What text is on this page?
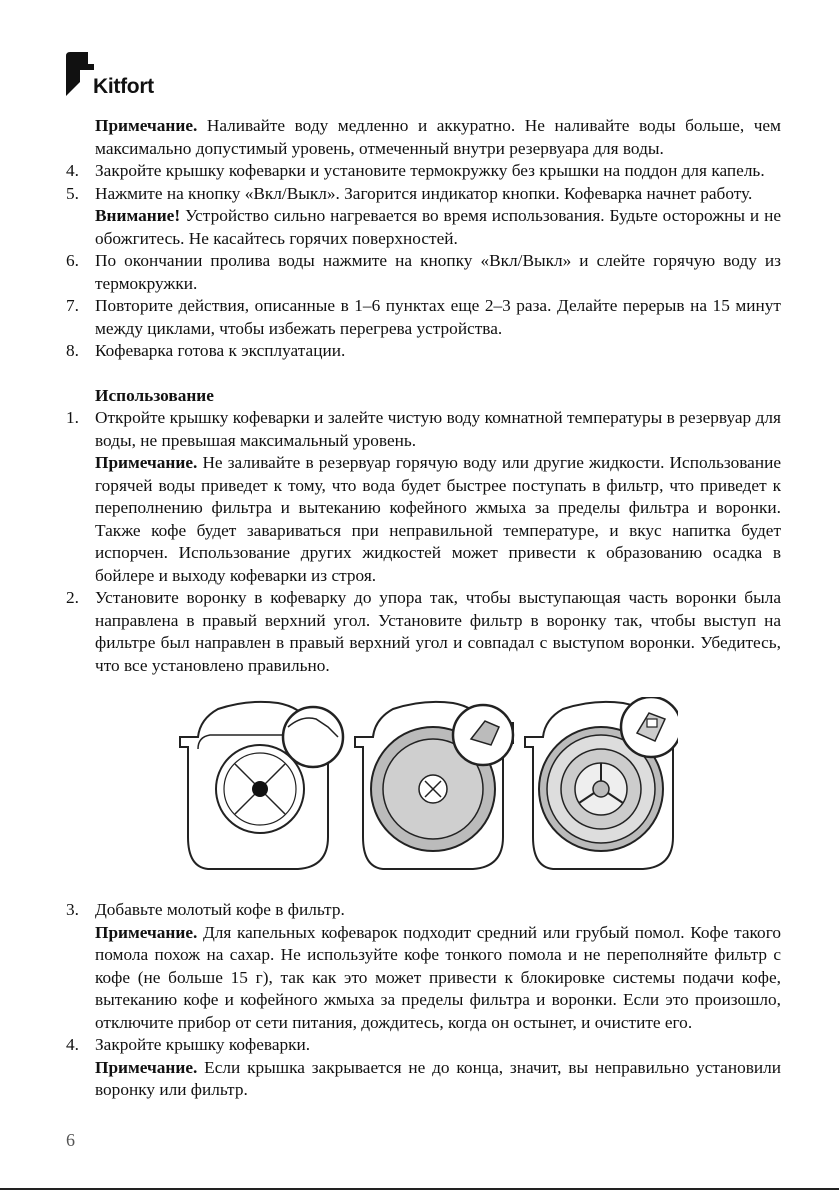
Kitfort

Примечание. Наливайте воду медленно и аккуратно. Не наливайте воды больше, чем максимально допустимый уровень, отмеченный внутри резервуара для воды.

4. Закройте крышку кофеварки и установите термокружку без крышки на поддон для капель.

5. Нажмите на кнопку «Вкл/Выкл». Загорится индикатор кнопки. Кофеварка начнет работу.

Внимание! Устройство сильно нагревается во время использования. Будьте осторожны и не обожгитесь. Не касайтесь горячих поверхностей.

6. По окончании пролива воды нажмите на кнопку «Вкл/Выкл» и слейте горячую воду из термокружки.

7. Повторите действия, описанные в 1–6 пунктах еще 2–3 раза. Делайте перерыв на 15 минут между циклами, чтобы избежать перегрева устройства.

8. Кофеварка готова к эксплуатации.

Использование

1. Откройте крышку кофеварки и залейте чистую воду комнатной температуры в резервуар для воды, не превышая максимальный уровень.

Примечание. Не заливайте в резервуар горячую воду или другие жидкости. Использование горячей воды приведет к тому, что вода будет быстрее поступать в фильтр, что приведет к переполнению фильтра и вытеканию кофейного жмыха за пределы фильтра и воронки. Также кофе будет завариваться при неправильной температуре, и вкус напитка будет испорчен. Использование других жидкостей может привести к образованию осадка в бойлере и выходу кофеварки из строя.

2. Установите воронку в кофеварку до упора так, чтобы выступающая часть воронки была направлена в правый верхний угол. Установите фильтр в воронку так, чтобы выступ на фильтре был направлен в правый верхний угол и совпадал с выступом воронки. Убедитесь, что все установлено правильно.

3. Добавьте молотый кофе в фильтр.

Примечание. Для капельных кофеварок подходит средний или грубый помол. Кофе такого помола похож на сахар. Не используйте кофе тонкого помола и не переполняйте фильтр с кофе (не больше 15 г), так как это может привести к блокировке системы подачи кофе, вытеканию кофе и кофейного жмыха за пределы фильтра и воронки. Если это произошло, отключите прибор от сети питания, дождитесь, когда он остынет, и очистите его.

4. Закройте крышку кофеварки.

Примечание. Если крышка закрывается не до конца, значит, вы неправильно установили воронку или фильтр.

6
